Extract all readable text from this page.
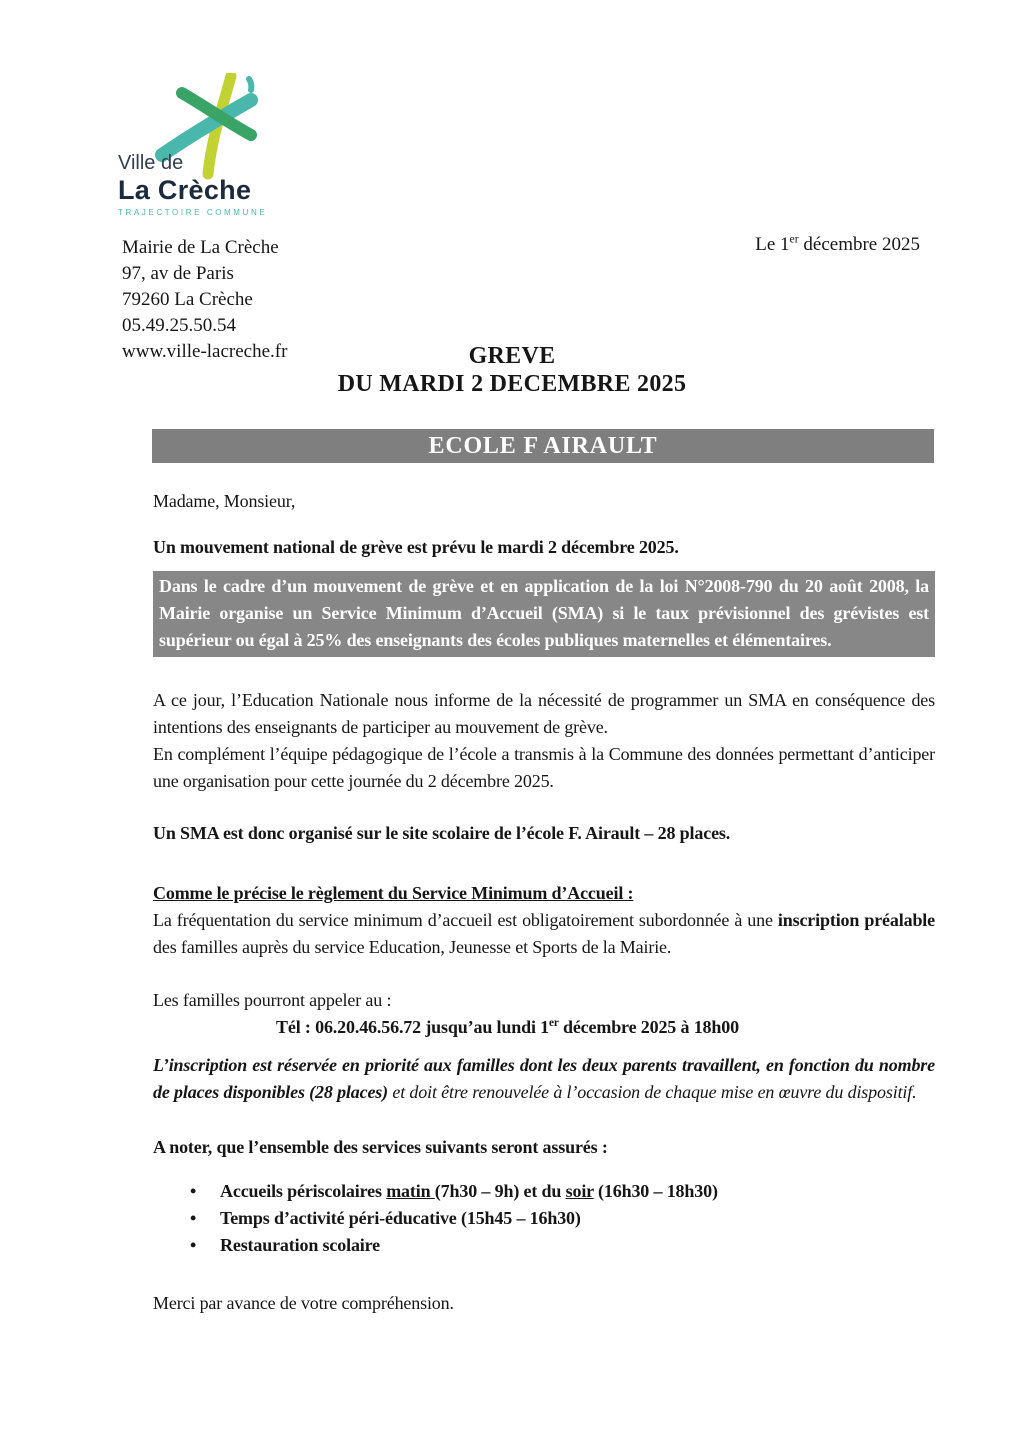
Ville de
La Crèche
TRAJECTOIRE COMMUNE
Mairie de La Crèche
97, av de Paris
79260 La Crèche
05.49.25.50.54
www.ville-lacreche.fr
Le 1er décembre 2025
GREVE
DU MARDI 2 DECEMBRE 2025
ECOLE F AIRAULT

Madame, Monsieur,

Un mouvement national de grève est prévu le mardi 2 décembre 2025.

Dans le cadre d’un mouvement de grève et en application de la loi N°2008-790 du 20 août 2008, la Mairie organise un Service Minimum d’Accueil (SMA) si le taux prévisionnel des grévistes est supérieur ou égal à 25% des enseignants des écoles publiques maternelles et élémentaires.
A ce jour, l’Education Nationale nous informe de la nécessité de programmer un SMA en conséquence des intentions des enseignants de participer au mouvement de grève.
En complément l’équipe pédagogique de l’école a transmis à la Commune des données permettant d’anticiper une organisation pour cette journée du 2 décembre 2025.

Un SMA est donc organisé sur le site scolaire de l’école F. Airault – 28 places.

Comme le précise le règlement du Service Minimum d’Accueil :
La fréquentation du service minimum d’accueil est obligatoirement subordonnée à une inscription préalable des familles auprès du service Education, Jeunesse et Sports de la Mairie.

Les familles pourront appeler au :

Tél : 06.20.46.56.72 jusqu’au lundi 1er décembre 2025 à 18h00

L’inscription est réservée en priorité aux familles dont les deux parents travaillent, en fonction du nombre de places disponibles (28 places) et doit être renouvelée à l’occasion de chaque mise en œuvre du dispositif.

A noter, que l’ensemble des services suivants seront assurés :

•	Accueils périscolaires matin (7h30 – 9h) et du soir (16h30 – 18h30)
•	Temps d’activité péri-éducative (15h45 – 16h30)
•	Restauration scolaire

Merci par avance de votre compréhension.
